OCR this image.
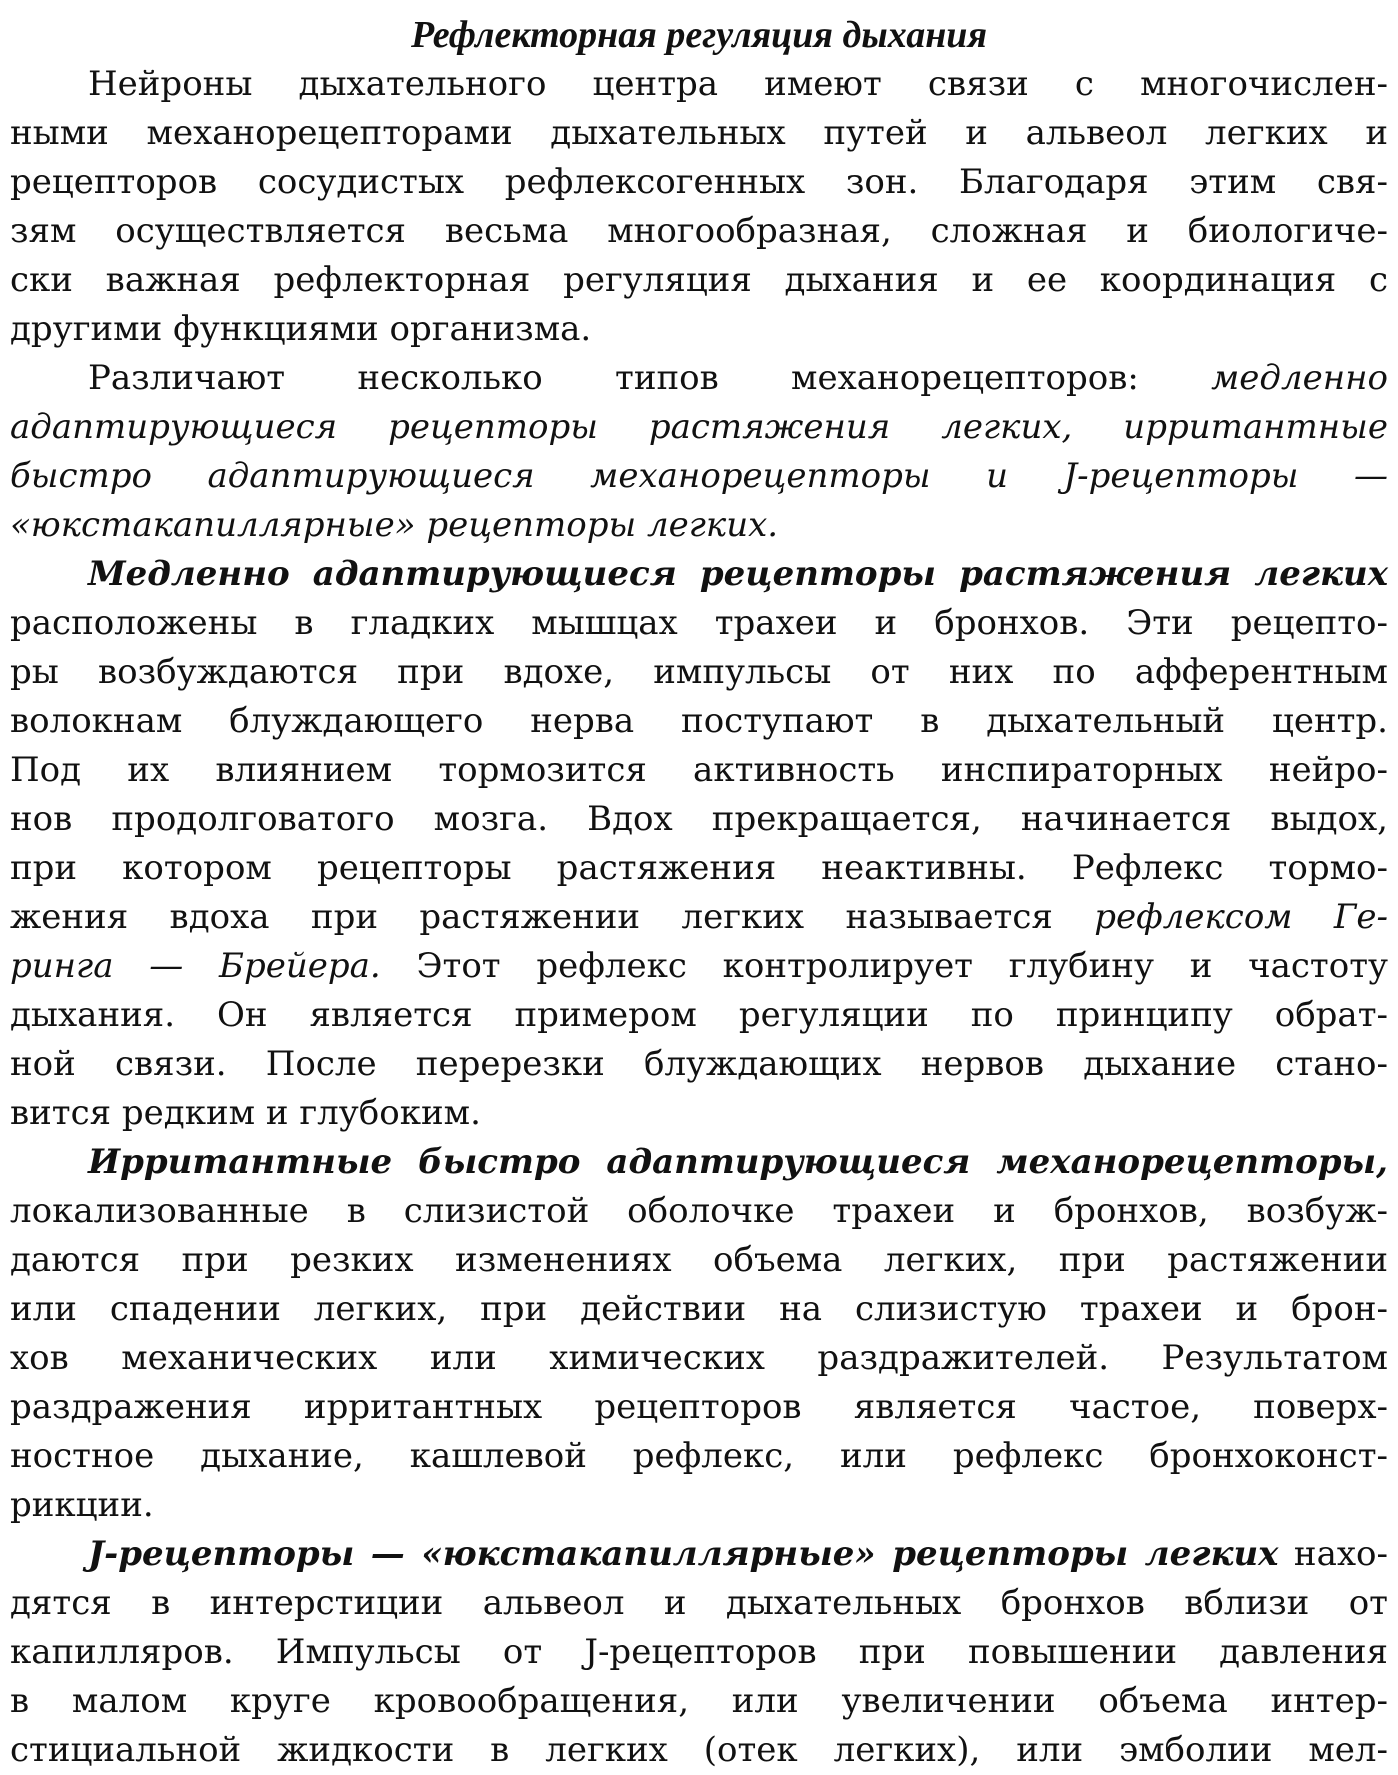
Рефлекторная регуляция дыхания

Нейроны дыхательного центра имеют связи с многочислен-
ными механорецепторами дыхательных путей и альвеол легких и
рецепторов сосудистых рефлексогенных зон. Благодаря этим свя-
зям осуществляется весьма многообразная, сложная и биологиче-
ски важная рефлекторная регуляция дыхания и ее координация с
другими функциями организма.

Различают несколько типов механорецепторов: медленно
адаптирующиеся рецепторы растяжения легких, ирритантные
быстро адаптирующиеся механорецепторы и J-рецепторы —
«юкстакапиллярные» рецепторы легких.

Медленно адаптирующиеся рецепторы растяжения легких
расположены в гладких мышцах трахеи и бронхов. Эти рецепто-
ры возбуждаются при вдохе, импульсы от них по афферентным
волокнам блуждающего нерва поступают в дыхательный центр.
Под их влиянием тормозится активность инспираторных нейро-
нов продолговатого мозга. Вдох прекращается, начинается выдох,
при котором рецепторы растяжения неактивны. Рефлекс тормо-
жения вдоха при растяжении легких называется рефлексом Ге-
ринга — Брейера. Этот рефлекс контролирует глубину и частоту
дыхания. Он является примером регуляции по принципу обрат-
ной связи. После перерезки блуждающих нервов дыхание стано-
вится редким и глубоким.

Ирритантные быстро адаптирующиеся механорецепторы,
локализованные в слизистой оболочке трахеи и бронхов, возбуж-
даются при резких изменениях объема легких, при растяжении
или спадении легких, при действии на слизистую трахеи и брон-
хов механических или химических раздражителей. Результатом
раздражения ирритантных рецепторов является частое, поверх-
ностное дыхание, кашлевой рефлекс, или рефлекс бронхоконст-
рикции.

J-рецепторы — «юкстакапиллярные» рецепторы легких нахо-
дятся в интерстиции альвеол и дыхательных бронхов вблизи от
капилляров. Импульсы от J-рецепторов при повышении давления
в малом круге кровообращения, или увеличении объема интер-
стициальной жидкости в легких (отек легких), или эмболии мел-
